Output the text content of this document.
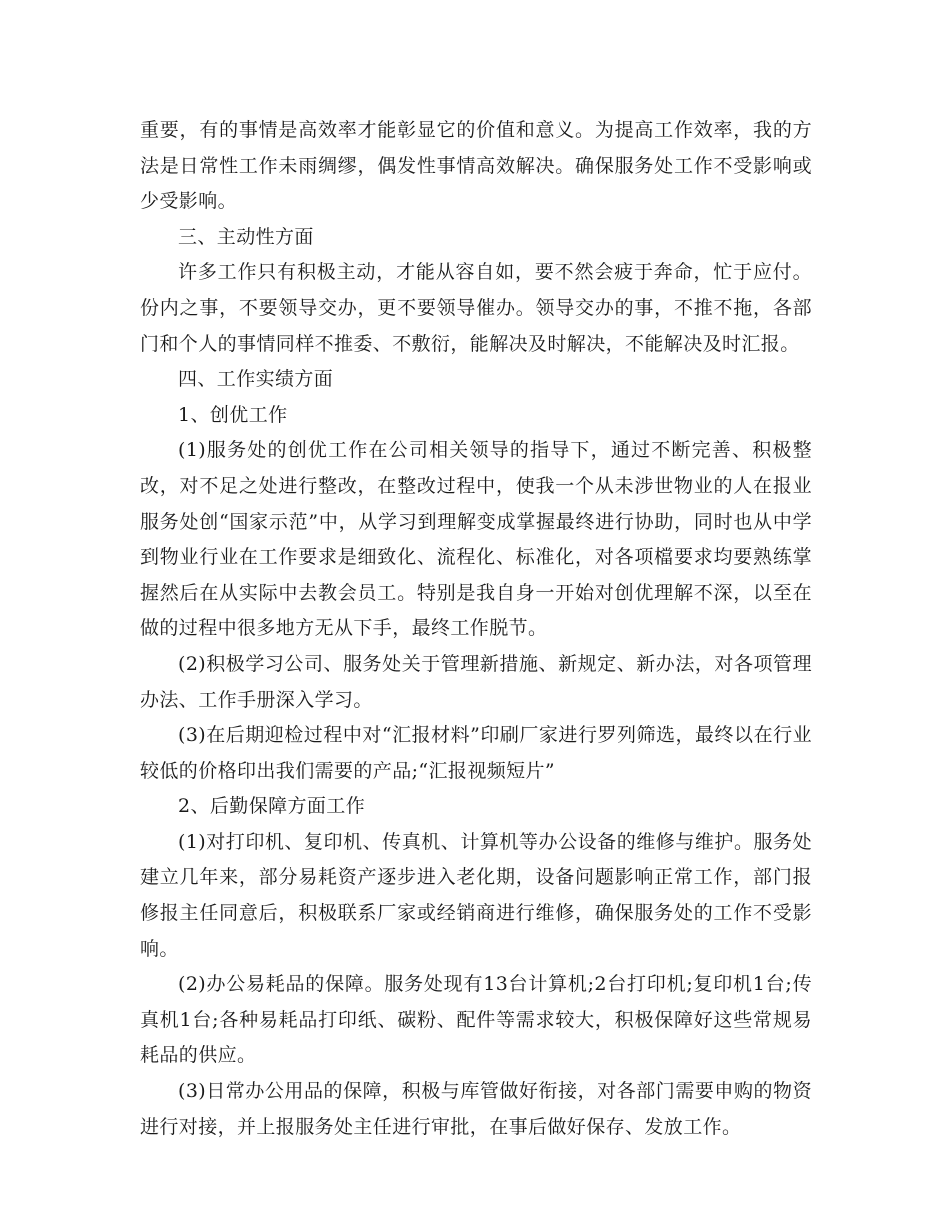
重要，有的事情是高效率才能彰显它的价值和意义。为提高工作效率，我的方法是日常性工作未雨绸缪，偶发性事情高效解决。确保服务处工作不受影响或少受影响。

三、主动性方面

许多工作只有积极主动，才能从容自如，要不然会疲于奔命，忙于应付。份内之事，不要领导交办，更不要领导催办。领导交办的事，不推不拖，各部门和个人的事情同样不推委、不敷衍，能解决及时解决，不能解决及时汇报。

四、工作实绩方面

1、创优工作

(1)服务处的创优工作在公司相关领导的指导下，通过不断完善、积极整改，对不足之处进行整改，在整改过程中，使我一个从未涉世物业的人在报业服务处创“国家示范”中，从学习到理解变成掌握最终进行协助，同时也从中学到物业行业在工作要求是细致化、流程化、标准化，对各项檔要求均要熟练掌握然后在从实际中去教会员工。特别是我自身一开始对创优理解不深，以至在做的过程中很多地方无从下手，最终工作脱节。

(2)积极学习公司、服务处关于管理新措施、新规定、新办法，对各项管理办法、工作手册深入学习。

(3)在后期迎检过程中对“汇报材料”印刷厂家进行罗列筛选，最终以在行业较低的价格印出我们需要的产品;“汇报视频短片”

2、后勤保障方面工作

(1)对打印机、复印机、传真机、计算机等办公设备的维修与维护。服务处建立几年来，部分易耗资产逐步进入老化期，设备问题影响正常工作，部门报修报主任同意后，积极联系厂家或经销商进行维修，确保服务处的工作不受影响。

(2)办公易耗品的保障。服务处现有13台计算机;2台打印机;复印机1台;传真机1台;各种易耗品打印纸、碳粉、配件等需求较大，积极保障好这些常规易耗品的供应。

(3)日常办公用品的保障，积极与库管做好衔接，对各部门需要申购的物资进行对接，并上报服务处主任进行审批，在事后做好保存、发放工作。
